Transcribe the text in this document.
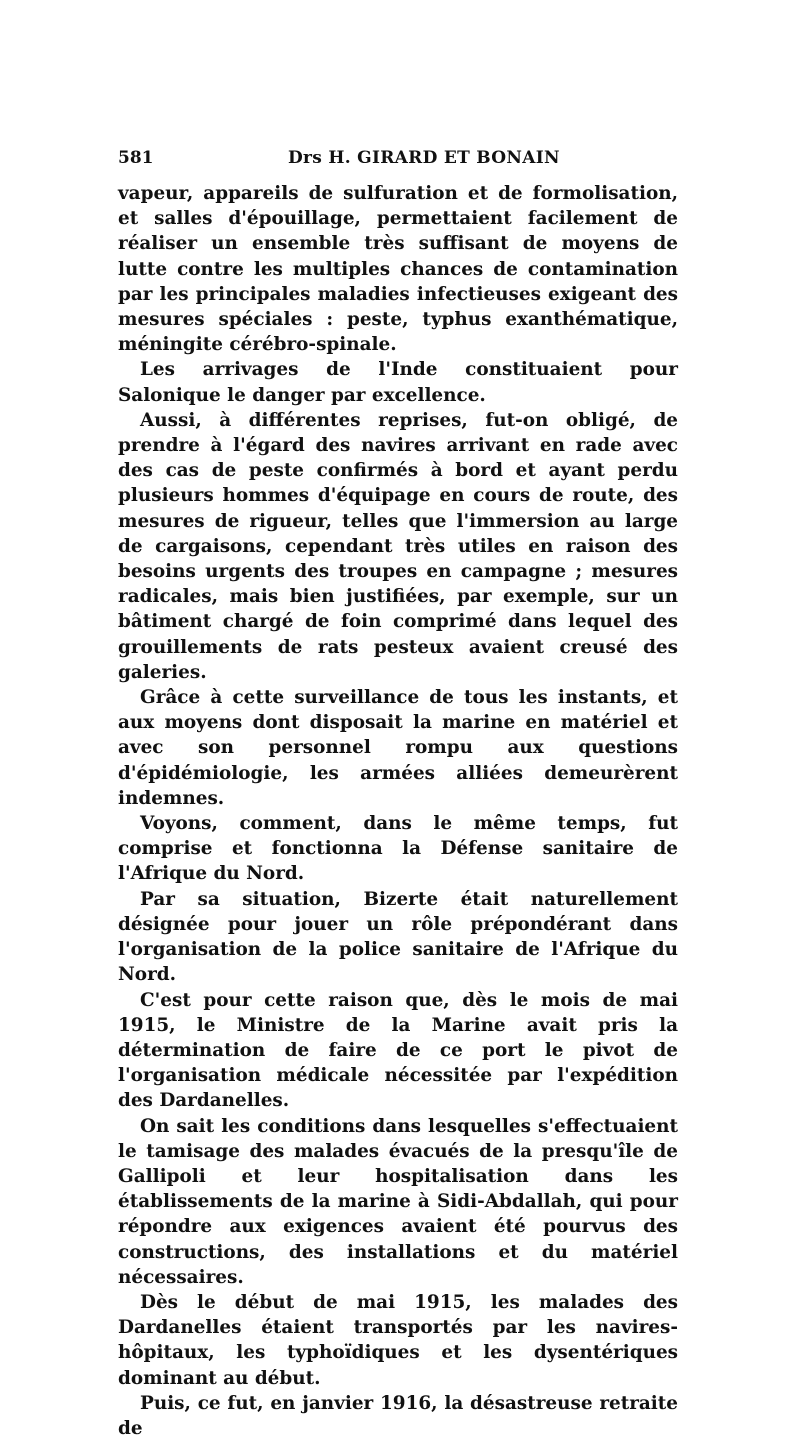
581	Drs H. GIRARD ET BONAIN

vapeur, appareils de sulfuration et de formolisation, et salles d'épouillage, permettaient facilement de réaliser un ensemble très suffisant de moyens de lutte contre les multiples chances de contamination par les principales maladies infectieuses exigeant des mesures spéciales : peste, typhus exanthématique, méningite cérébro-spinale.

Les arrivages de l'Inde constituaient pour Salonique le danger par excellence.

Aussi, à différentes reprises, fut-on obligé, de prendre à l'égard des navires arrivant en rade avec des cas de peste confirmés à bord et ayant perdu plusieurs hommes d'équipage en cours de route, des mesures de rigueur, telles que l'immersion au large de cargaisons, cependant très utiles en raison des besoins urgents des troupes en campagne ; mesures radicales, mais bien justifiées, par exemple, sur un bâtiment chargé de foin comprimé dans lequel des grouillements de rats pesteux avaient creusé des galeries.

Grâce à cette surveillance de tous les instants, et aux moyens dont disposait la marine en matériel et avec son personnel rompu aux questions d'épidémiologie, les armées alliées demeurèrent indemnes.

Voyons, comment, dans le même temps, fut comprise et fonctionna la Défense sanitaire de l'Afrique du Nord.

Par sa situation, Bizerte était naturellement désignée pour jouer un rôle prépondérant dans l'organisation de la police sanitaire de l'Afrique du Nord.

C'est pour cette raison que, dès le mois de mai 1915, le Ministre de la Marine avait pris la détermination de faire de ce port le pivot de l'organisation médicale nécessitée par l'expédition des Dardanelles.

On sait les conditions dans lesquelles s'effectuaient le tamisage des malades évacués de la presqu'île de Gallipoli et leur hospitalisation dans les établissements de la marine à Sidi-Abdallah, qui pour répondre aux exigences avaient été pourvus des constructions, des installations et du matériel nécessaires.

Dès le début de mai 1915, les malades des Dardanelles étaient transportés par les navires-hôpitaux, les typhoïdiques et les dysentériques dominant au début.

Puis, ce fut, en janvier 1916, la désastreuse retraite de
